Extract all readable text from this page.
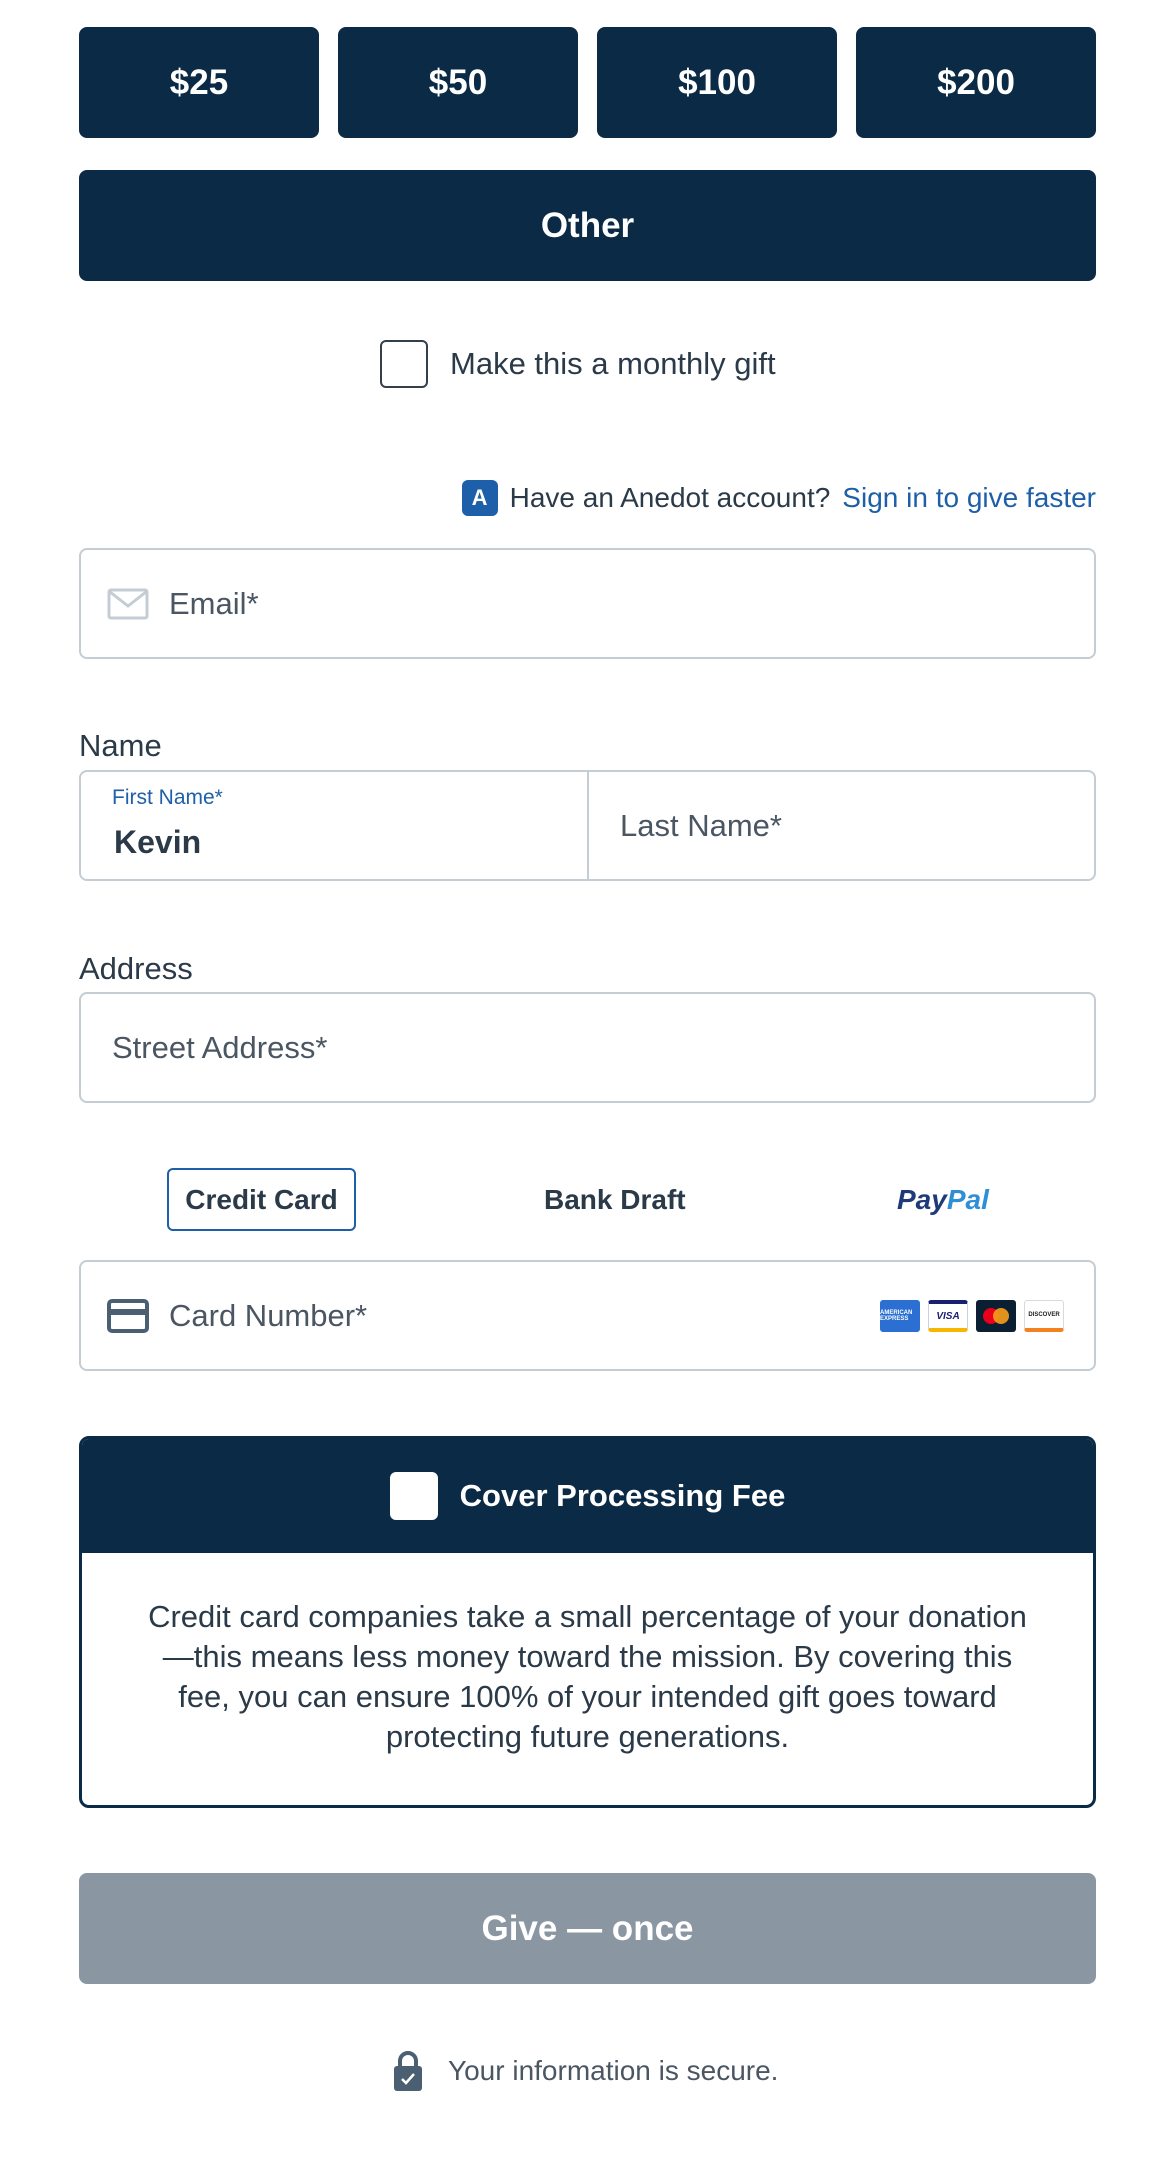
$25	$50	$100	$200
Other
Make this a monthly gift
A Have an Anedot account? Sign in to give faster
Email*
Name
First Name*
Kevin	Last Name*
Address
Street Address*
Credit Card	Bank Draft	Pay Pal
Card Number*	AMERICAN EXPRESS	VISA	DISCOVER
Cover Processing Fee

Credit card companies take a small percentage of your donation—this means less money toward the mission. By covering this fee, you can ensure 100% of your intended gift goes toward protecting future generations.

Give — once
Your information is secure.
